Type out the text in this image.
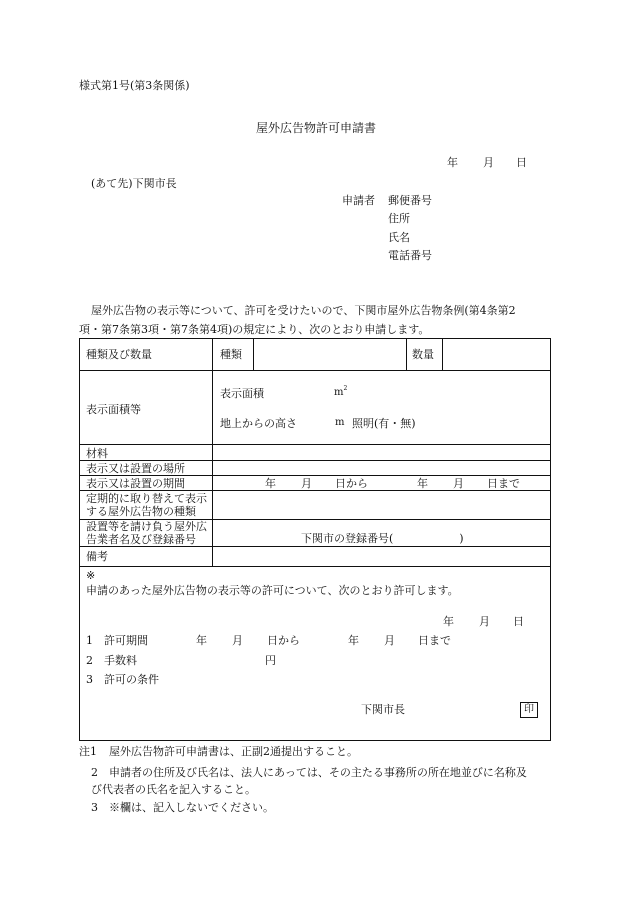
様式第1号(第3条関係)
屋外広告物許可申請書
年 月 日
(あて先)下関市長
申請者 郵便番号
住所
氏名
電話番号
屋外広告物の表示等について、許可を受けたいので、下関市屋外広告物条例(第4条第2
項・第7条第3項・第7条第4項)の規定により、次のとおり申請します。
種類及び数量	種類	数量
表示面積等
表示面積	$m^2$
地上からの高さ	m 照明(有・無)
材料
表示又は設置の場所
表示又は設置の期間	年 月 日から	年 月 日まで
定期的に取り替えて表示
する屋外広告物の種類
設置等を請け負う屋外広
告業者名及び登録番号	下関市の登録番号(　　　　　　)
備考
※
申請のあった屋外広告物の表示等の許可について、次のとおり許可します。
年 月 日
1 許可期間	年 月 日から	年 月 日まで
2 手数料	円
3 許可の条件
下関市長	印
注1 屋外広告物許可申請書は、正副2通提出すること。
2 申請者の住所及び氏名は、法人にあっては、その主たる事務所の所在地並びに名称及
び代表者の氏名を記入すること。
3 ※欄は、記入しないでください。
